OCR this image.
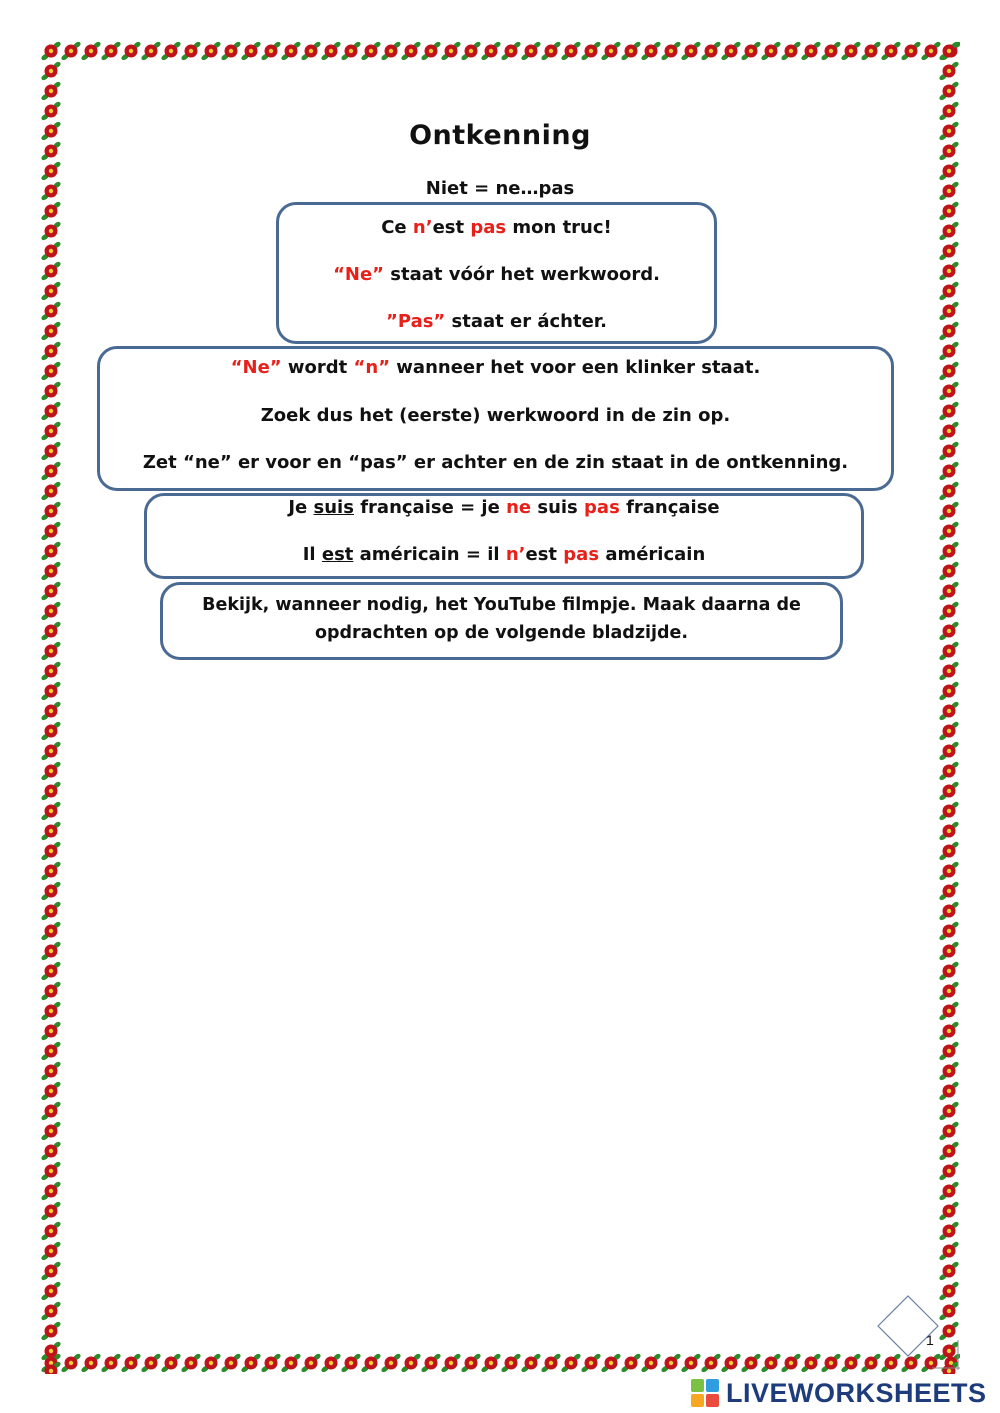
Ontkenning
Niet = ne…pas

Ce n’est pas mon truc!

“Ne” staat vóór het werkwoord.

”Pas” staat er áchter.

“Ne” wordt “n” wanneer het voor een klinker staat.

Zoek dus het (eerste) werkwoord in de zin op.

Zet “ne” er voor en “pas” er achter en de zin staat in de ontkenning.

Je suis française = je ne suis pas française

Il est américain = il n’est pas américain

Bekijk, wanneer nodig, het YouTube filmpje. Maak daarna de opdrachten op de volgende bladzijde.

1
LIVEWORKSHEETS
